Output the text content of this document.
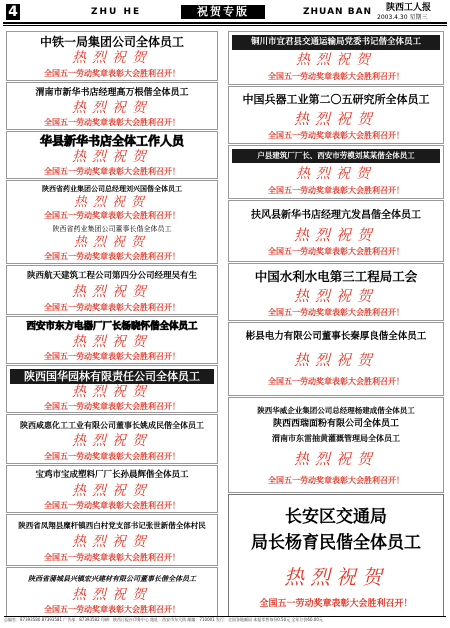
4	ZHU HE	祝贺专版	ZHUAN BAN 陕西工人报
2003.4.30 星期三
中铁一局集团公司全体员工
热烈祝贺
全国五一劳动奖章表彰大会胜利召开！
渭南市新华书店经理高万根偕全体员工
热烈祝贺
全国五一劳动奖章表彰大会胜利召开！
华县新华书店全体工作人员
热烈祝贺
全国五一劳动奖章表彰大会胜利召开！
陕西省药业集团公司总经理刘兴国偕全体员工
热烈祝贺
全国五一劳动奖章表彰大会胜利召开！
陕西省药业集团公司董事长偕全体员工
热烈祝贺
全国五一劳动奖章表彰大会胜利召开！
陕西航天建筑工程公司第四分公司经理吴有生
热烈祝贺
全国五一劳动奖章表彰大会胜利召开！
西安市东方电器厂厂长杨晓怀偕全体员工
热烈祝贺
全国五一劳动奖章表彰大会胜利召开！
陕西国华园林有限责任公司全体员工
热烈祝贺
全国五一劳动奖章表彰大会胜利召开！
陕西咸惠化工工业有限公司董事长姚成民偕全体员工
热烈祝贺
全国五一劳动奖章表彰大会胜利召开！
宝鸡市宝成塑料厂厂长孙晨辉偕全体员工
热烈祝贺
全国五一劳动奖章表彰大会胜利召开！
陕西省凤翔县糜杆镇西白村党支部书记张世新偕全体村民
热烈祝贺
全国五一劳动奖章表彰大会胜利召开！
陕西省蒲城县兴镇宏兴建材有限公司董事长偕全体员工
热烈祝贺
全国五一劳动奖章表彰大会胜利召开！
铜川市宜君县交通运输局党委书记偕全体员工
热烈祝贺
全国五一劳动奖章表彰大会胜利召开！
中国兵器工业第二〇五研究所全体员工
热烈祝贺
全国五一劳动奖章表彰大会胜利召开！
户县建筑厂厂长、西安市劳模刘某某偕全体员工
热烈祝贺
全国五一劳动奖章表彰大会胜利召开！
扶风县新华书店经理亢发昌偕全体员工
热烈祝贺
全国五一劳动奖章表彰大会胜利召开！
中国水利水电第三工程局工会
热烈祝贺
全国五一劳动奖章表彰大会胜利召开！
彬县电力有限公司董事长秦厚良偕全体员工
热烈祝贺
全国五一劳动奖章表彰大会胜利召开！
陕西华威企业集团公司总经理杨建成偕全体员工
陕西西瑞面粉有限公司全体员工
渭南市东雷抽黄灌溉管理局全体员工
热烈祝贺
全国五一劳动奖章表彰大会胜利召开！
长安区交通局
局长杨育民偕全体员工
热烈祝贺
全国五一劳动奖章表彰大会胜利召开！
总编室：87393580 87393581 广告部：87393582 印刷：陕西日报社印务中心 地址：西安市东大街 邮编：710001 发行：全国各地邮局 本报零售每份0.50元 全年订价60.00元
